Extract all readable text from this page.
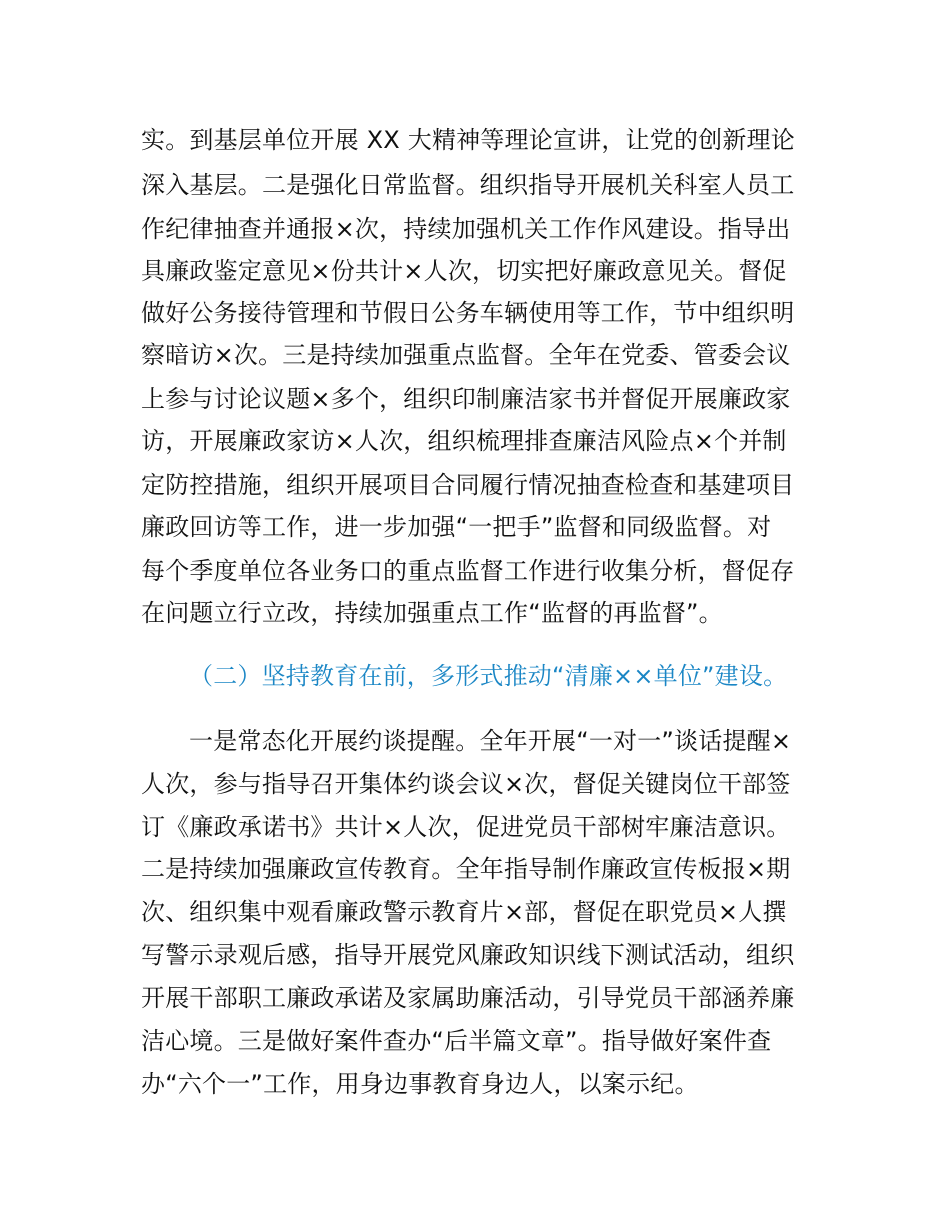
实。到基层单位开展 XX 大精神等理论宣讲，让党的创新理论
深入基层。二是强化日常监督。组织指导开展机关科室人员工
作纪律抽查并通报×次，持续加强机关工作作风建设。指导出
具廉政鉴定意见×份共计×人次，切实把好廉政意见关。督促
做好公务接待管理和节假日公务车辆使用等工作，节中组织明
察暗访×次。三是持续加强重点监督。全年在党委、管委会议
上参与讨论议题×多个，组织印制廉洁家书并督促开展廉政家
访，开展廉政家访×人次，组织梳理排查廉洁风险点×个并制
定防控措施，组织开展项目合同履行情况抽查检查和基建项目
廉政回访等工作，进一步加强“一把手”监督和同级监督。对
每个季度单位各业务口的重点监督工作进行收集分析，督促存
在问题立行立改，持续加强重点工作“监督的再监督”。
（二）坚持教育在前，多形式推动“清廉××单位”建设。
一是常态化开展约谈提醒。全年开展“一对一”谈话提醒×
人次，参与指导召开集体约谈会议×次，督促关键岗位干部签
订《廉政承诺书》共计×人次，促进党员干部树牢廉洁意识。
二是持续加强廉政宣传教育。全年指导制作廉政宣传板报×期
次、组织集中观看廉政警示教育片×部，督促在职党员×人撰
写警示录观后感，指导开展党风廉政知识线下测试活动，组织
开展干部职工廉政承诺及家属助廉活动，引导党员干部涵养廉
洁心境。三是做好案件查办“后半篇文章”。指导做好案件查
办“六个一”工作，用身边事教育身边人，以案示纪。
